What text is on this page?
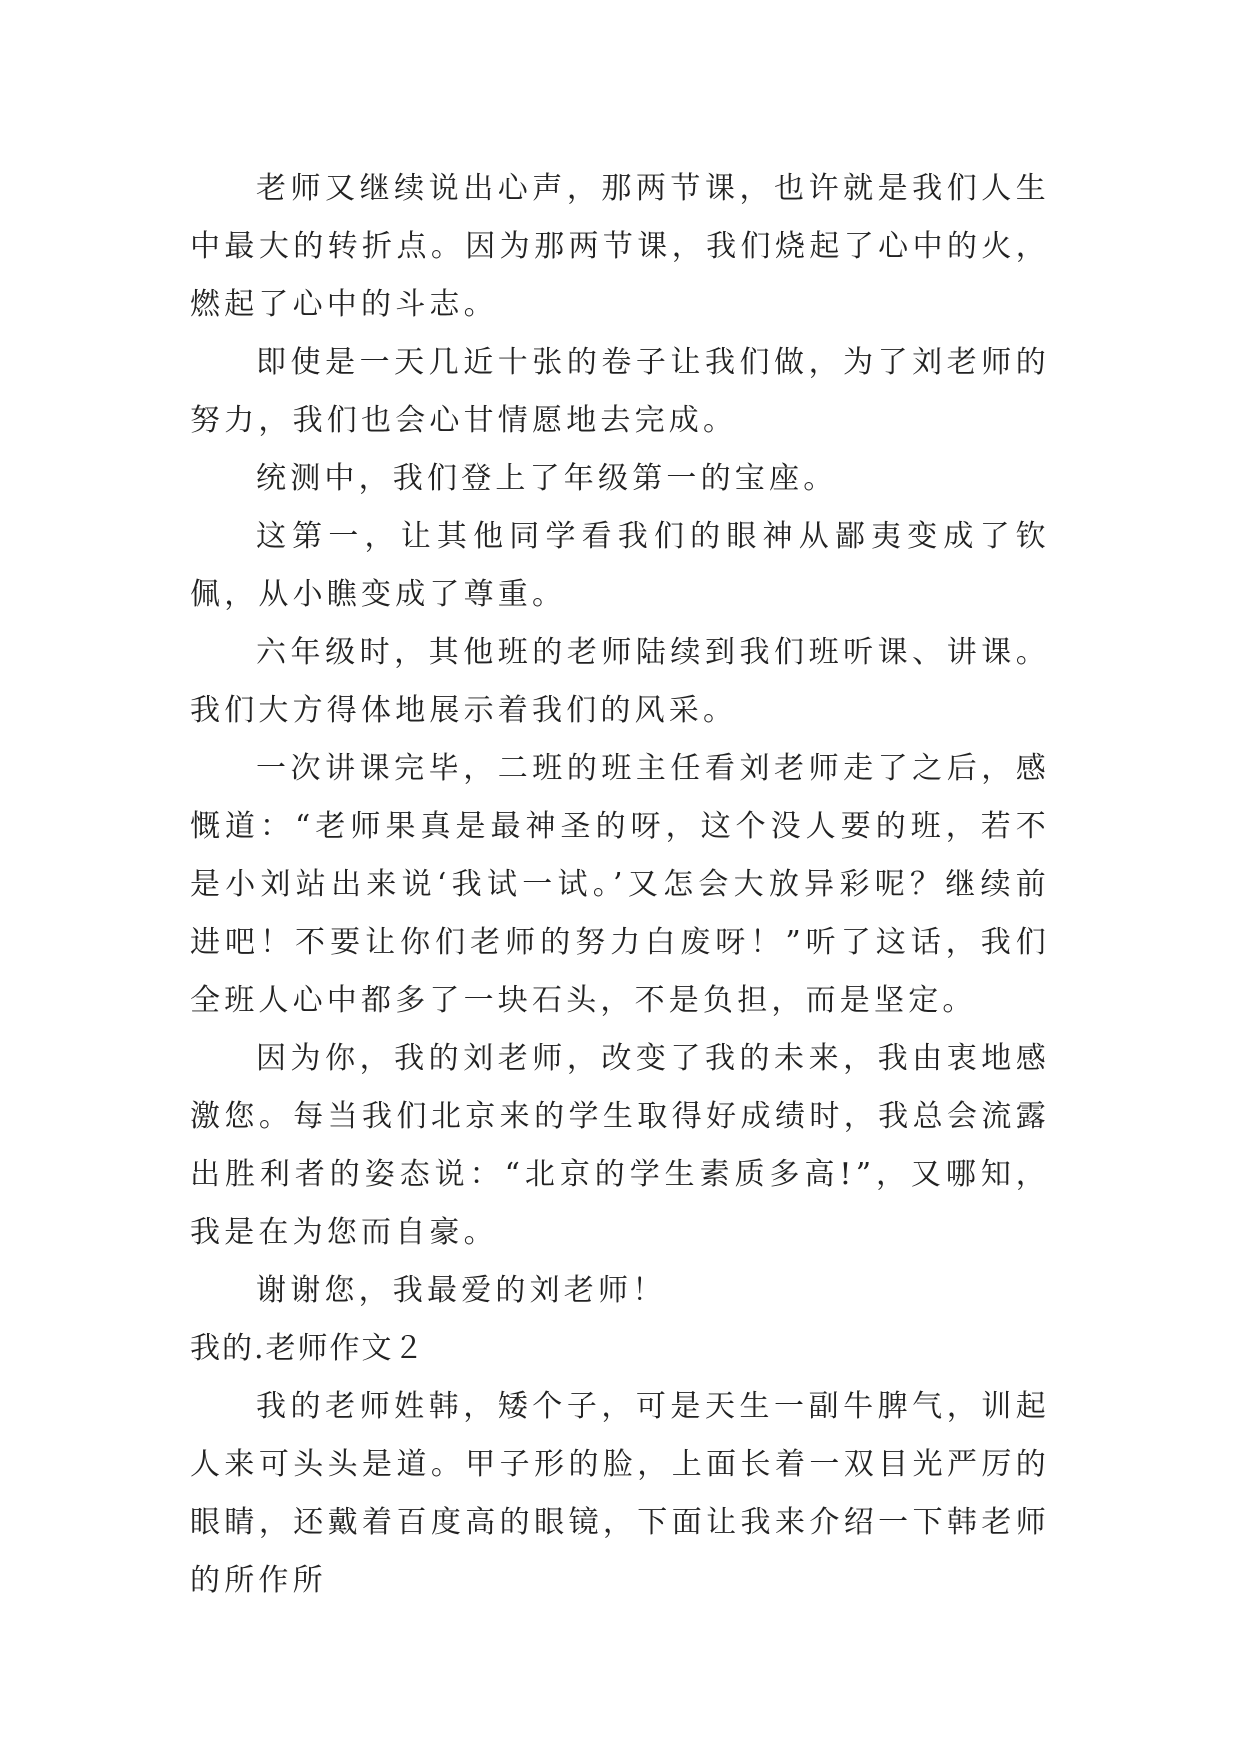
老师又继续说出心声，那两节课，也许就是我们人生中最大的转折点。因为那两节课，我们烧起了心中的火，燃起了心中的斗志。

即使是一天几近十张的卷子让我们做，为了刘老师的努力，我们也会心甘情愿地去完成。

统测中，我们登上了年级第一的宝座。

这第一，让其他同学看我们的眼神从鄙夷变成了钦佩，从小瞧变成了尊重。

六年级时，其他班的老师陆续到我们班听课、讲课。我们大方得体地展示着我们的风采。

一次讲课完毕，二班的班主任看刘老师走了之后，感慨道：“老师果真是最神圣的呀，这个没人要的班，若不是小刘站出来说‘我试一试。’又怎会大放异彩呢？继续前进吧！不要让你们老师的努力白废呀！”听了这话，我们全班人心中都多了一块石头，不是负担，而是坚定。

因为你，我的刘老师，改变了我的未来，我由衷地感激您。每当我们北京来的学生取得好成绩时，我总会流露出胜利者的姿态说：“北京的学生素质多高!”，又哪知，我是在为您而自豪。

谢谢您，我最爱的刘老师！

我的.老师作文２

我的老师姓韩，矮个子，可是天生一副牛脾气，训起人来可头头是道。甲子形的脸，上面长着一双目光严厉的眼睛，还戴着百度高的眼镜，下面让我来介绍一下韩老师的所作所
